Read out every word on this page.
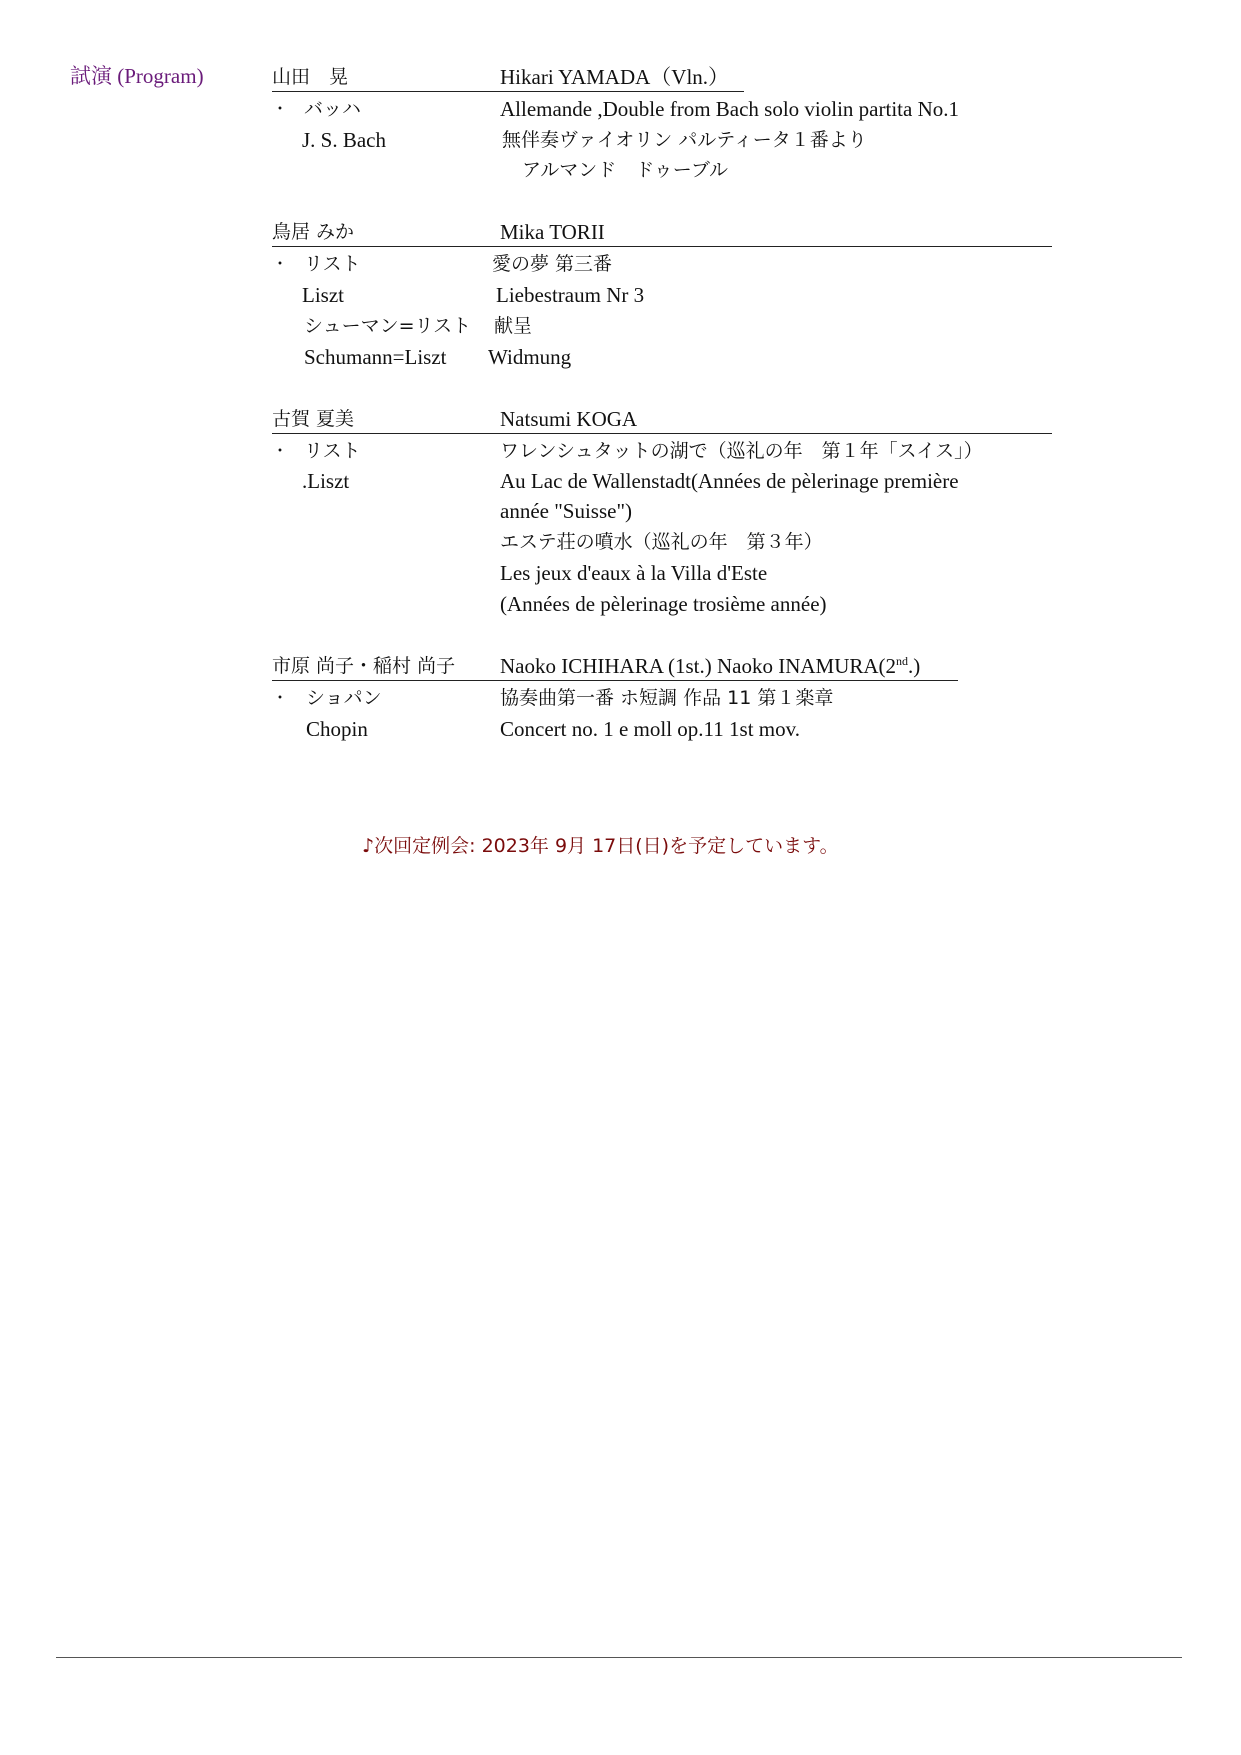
試演 (Program)	山田　晃	Hikari YAMADA（Vln.）
・ バッハ	Allemande ,Double from Bach solo violin partita No.1
J. S. Bach	無伴奏ヴァイオリン パルティータ１番より
アルマンド　ドゥーブル
鳥居 みか	Mika TORII
・ リスト	愛の夢 第三番
Liszt	Liebestraum Nr 3
シューマン=リスト 献呈
Schumann=Liszt Widmung
古賀 夏美	Natsumi KOGA
・ リスト	ワレンシュタットの湖で（巡礼の年　第１年「スイス」）
.Liszt	Au Lac de Wallenstadt(Années de pèlerinage première
année "Suisse")
エステ荘の噴水（巡礼の年　第３年）
Les jeux d'eaux à la Villa d'Este
(Années de pèlerinage trosième année)
市原 尚子・稲村 尚子 Naoko ICHIHARA (1st.) Naoko INAMURA(2nd.)
・ ショパン	協奏曲第一番 ホ短調 作品 11 第１楽章
Chopin	Concert no. 1 e moll op.11 1st mov.
♪次回定例会: 2023年 9月 17日(日)を予定しています。
